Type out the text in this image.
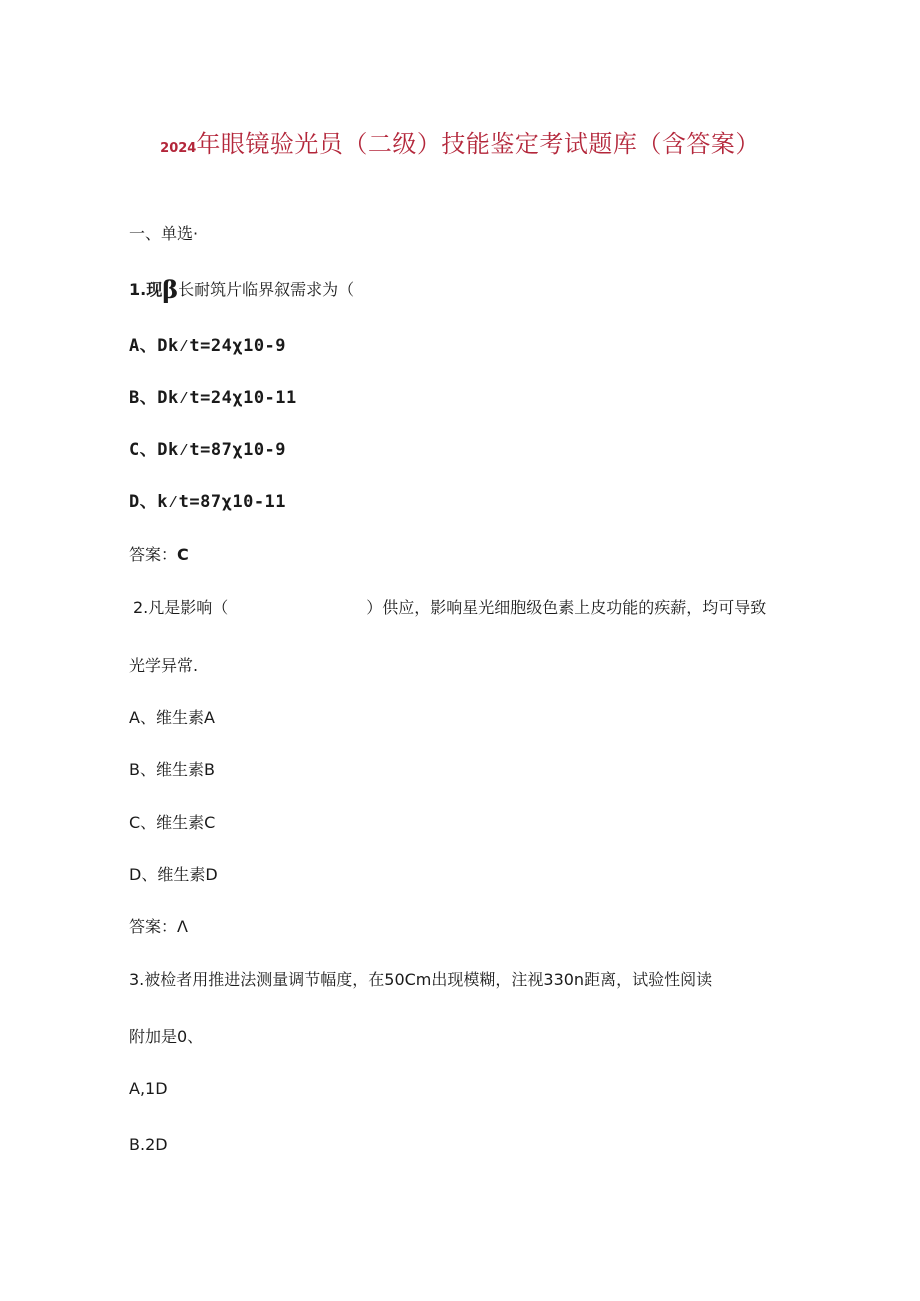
2024年眼镜验光员（二级）技能鉴定考试题库（含答案）
一、单选·
1.现β长耐筑片临界叙需求为（
A、Dk⁄t=24χ10-9
B、Dk⁄t=24χ10-11
C、Dk⁄t=87χ10-9
D、k⁄t=87χ10-11
答案：C
2.凡是影响（	）供应，影响星光细胞级色素上皮功能的疾薪，均可导致
光学异常.
A、维生素A
B、维生素B
C、维生素C
D、维生素D
答案：Λ
3.被检者用推进法测量调节幅度，在50Cm出现模糊，注视330n距离，试验性阅读
附加是0、
A,1D
B.2D
